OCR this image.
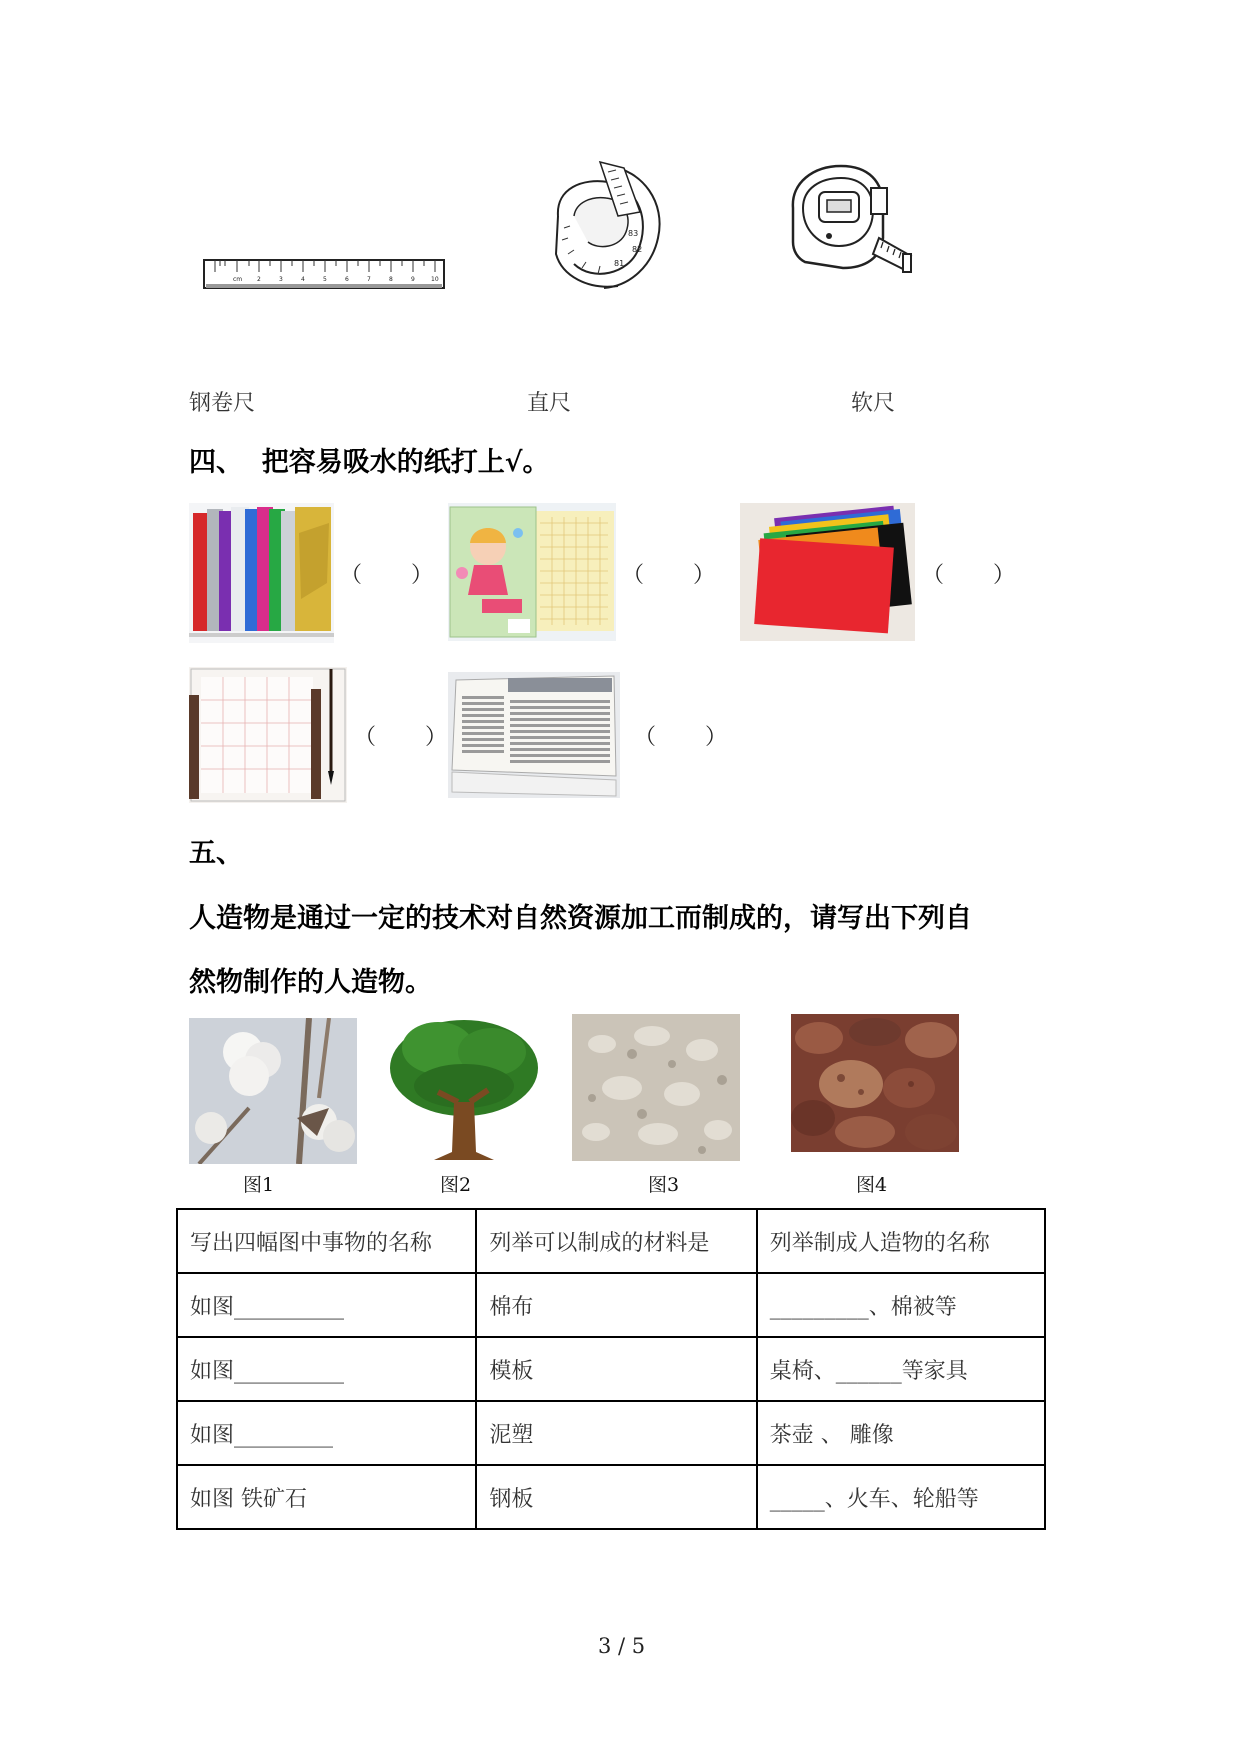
cm 2	3	4	5	6	7	8	9	10
83
82
81
钢卷尺	直尺	软尺
四、  把容易吸水的纸打上√。
（      ）	（      ）	（      ）
（      ）	（      ）
五、
人造物是通过一定的技术对自然资源加工而制成的，请写出下列自
然物制作的人造物。
图1	图2	图3	图4
写出四幅图中事物的名称	列举可以制成的材料是	列举制成人造物的名称
如图__________	棉布	_________、棉被等
如图__________	模板	桌椅、______等家具
如图_________	泥塑	茶壶 、 雕像
如图 铁矿石	钢板	_____、火车、轮船等
3 / 5
